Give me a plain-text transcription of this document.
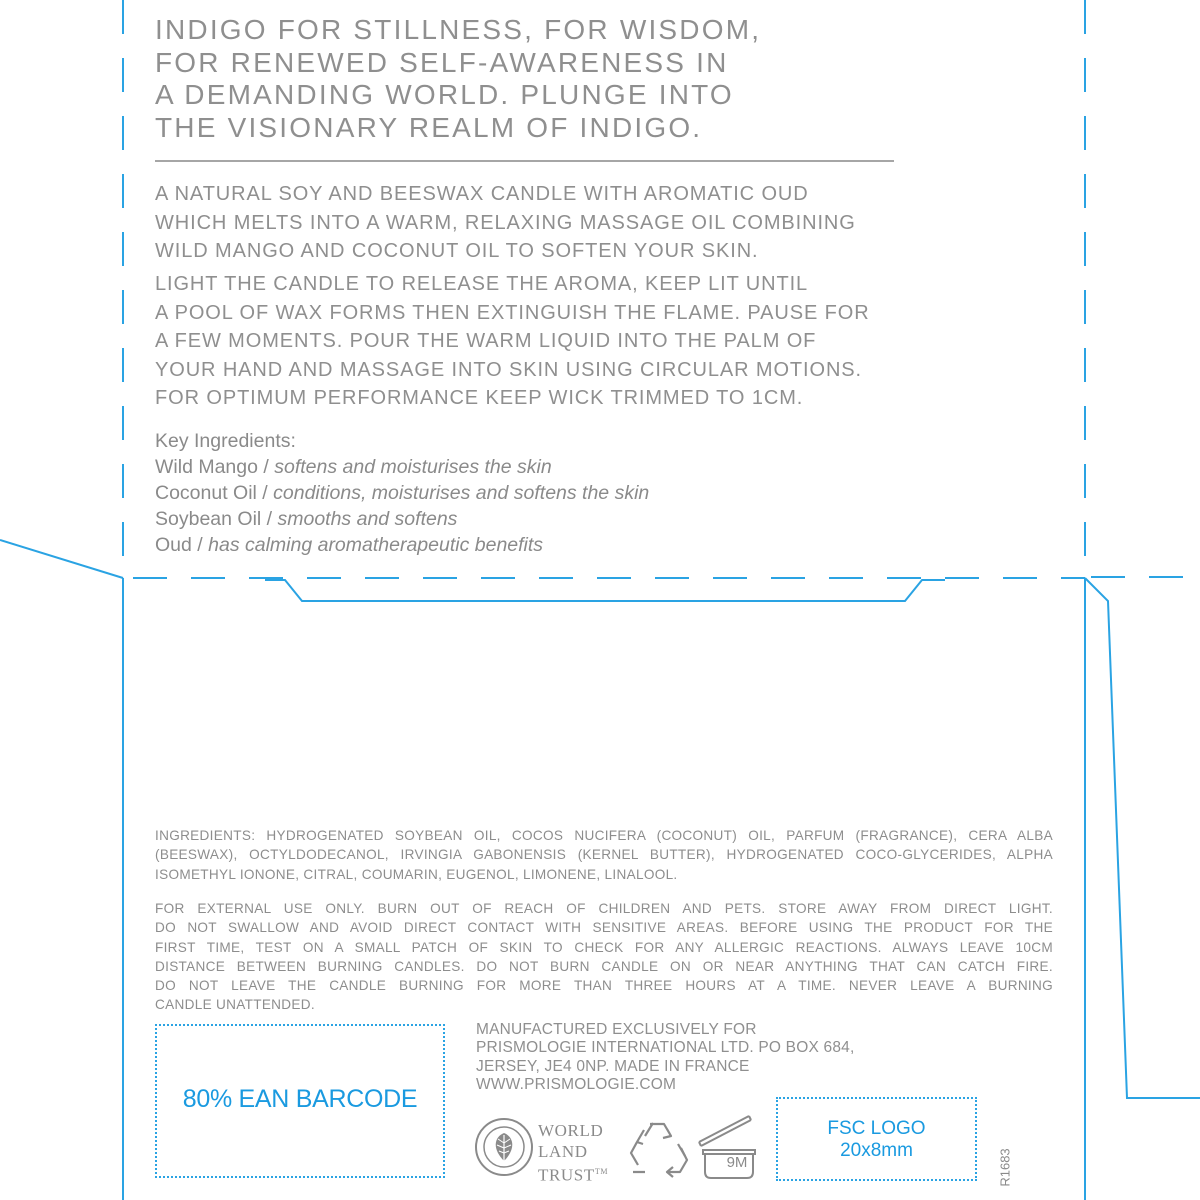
INDIGO FOR STILLNESS, FOR WISDOM,
FOR RENEWED SELF-AWARENESS IN
A DEMANDING WORLD. PLUNGE INTO
THE VISIONARY REALM OF INDIGO.
A NATURAL SOY AND BEESWAX CANDLE WITH AROMATIC OUD
WHICH MELTS INTO A WARM, RELAXING MASSAGE OIL COMBINING
WILD MANGO AND COCONUT OIL TO SOFTEN YOUR SKIN.
LIGHT THE CANDLE TO RELEASE THE AROMA, KEEP LIT UNTIL
A POOL OF WAX FORMS THEN EXTINGUISH THE FLAME. PAUSE FOR
A FEW MOMENTS. POUR THE WARM LIQUID INTO THE PALM OF
YOUR HAND AND MASSAGE INTO SKIN USING CIRCULAR MOTIONS.
FOR OPTIMUM PERFORMANCE KEEP WICK TRIMMED TO 1CM.
Key Ingredients:
Wild Mango / softens and moisturises the skin
Coconut Oil / conditions, moisturises and softens the skin
Soybean Oil / smooths and softens
Oud / has calming aromatherapeutic benefits
INGREDIENTS: HYDROGENATED SOYBEAN OIL, COCOS NUCIFERA (COCONUT) OIL, PARFUM (FRAGRANCE), CERA ALBA
(BEESWAX), OCTYLDODECANOL, IRVINGIA GABONENSIS (KERNEL BUTTER), HYDROGENATED COCO-GLYCERIDES, ALPHA
ISOMETHYL IONONE, CITRAL, COUMARIN, EUGENOL, LIMONENE, LINALOOL.
FOR EXTERNAL USE ONLY. BURN OUT OF REACH OF CHILDREN AND PETS. STORE AWAY FROM DIRECT LIGHT.
DO NOT SWALLOW AND AVOID DIRECT CONTACT WITH SENSITIVE AREAS. BEFORE USING THE PRODUCT FOR THE
FIRST TIME, TEST ON A SMALL PATCH OF SKIN TO CHECK FOR ANY ALLERGIC REACTIONS. ALWAYS LEAVE 10CM
DISTANCE BETWEEN BURNING CANDLES. DO NOT BURN CANDLE ON OR NEAR ANYTHING THAT CAN CATCH FIRE.
DO NOT LEAVE THE CANDLE BURNING FOR MORE THAN THREE HOURS AT A TIME. NEVER LEAVE A BURNING
CANDLE UNATTENDED.
80% EAN BARCODE
MANUFACTURED EXCLUSIVELY FOR
PRISMOLOGIE INTERNATIONAL LTD. PO BOX 684,
JERSEY, JE4 0NP. MADE IN FRANCE
WWW.PRISMOLOGIE.COM
WORLD
LAND
TRUST™
9M
FSC LOGO
20x8mm	R1683
